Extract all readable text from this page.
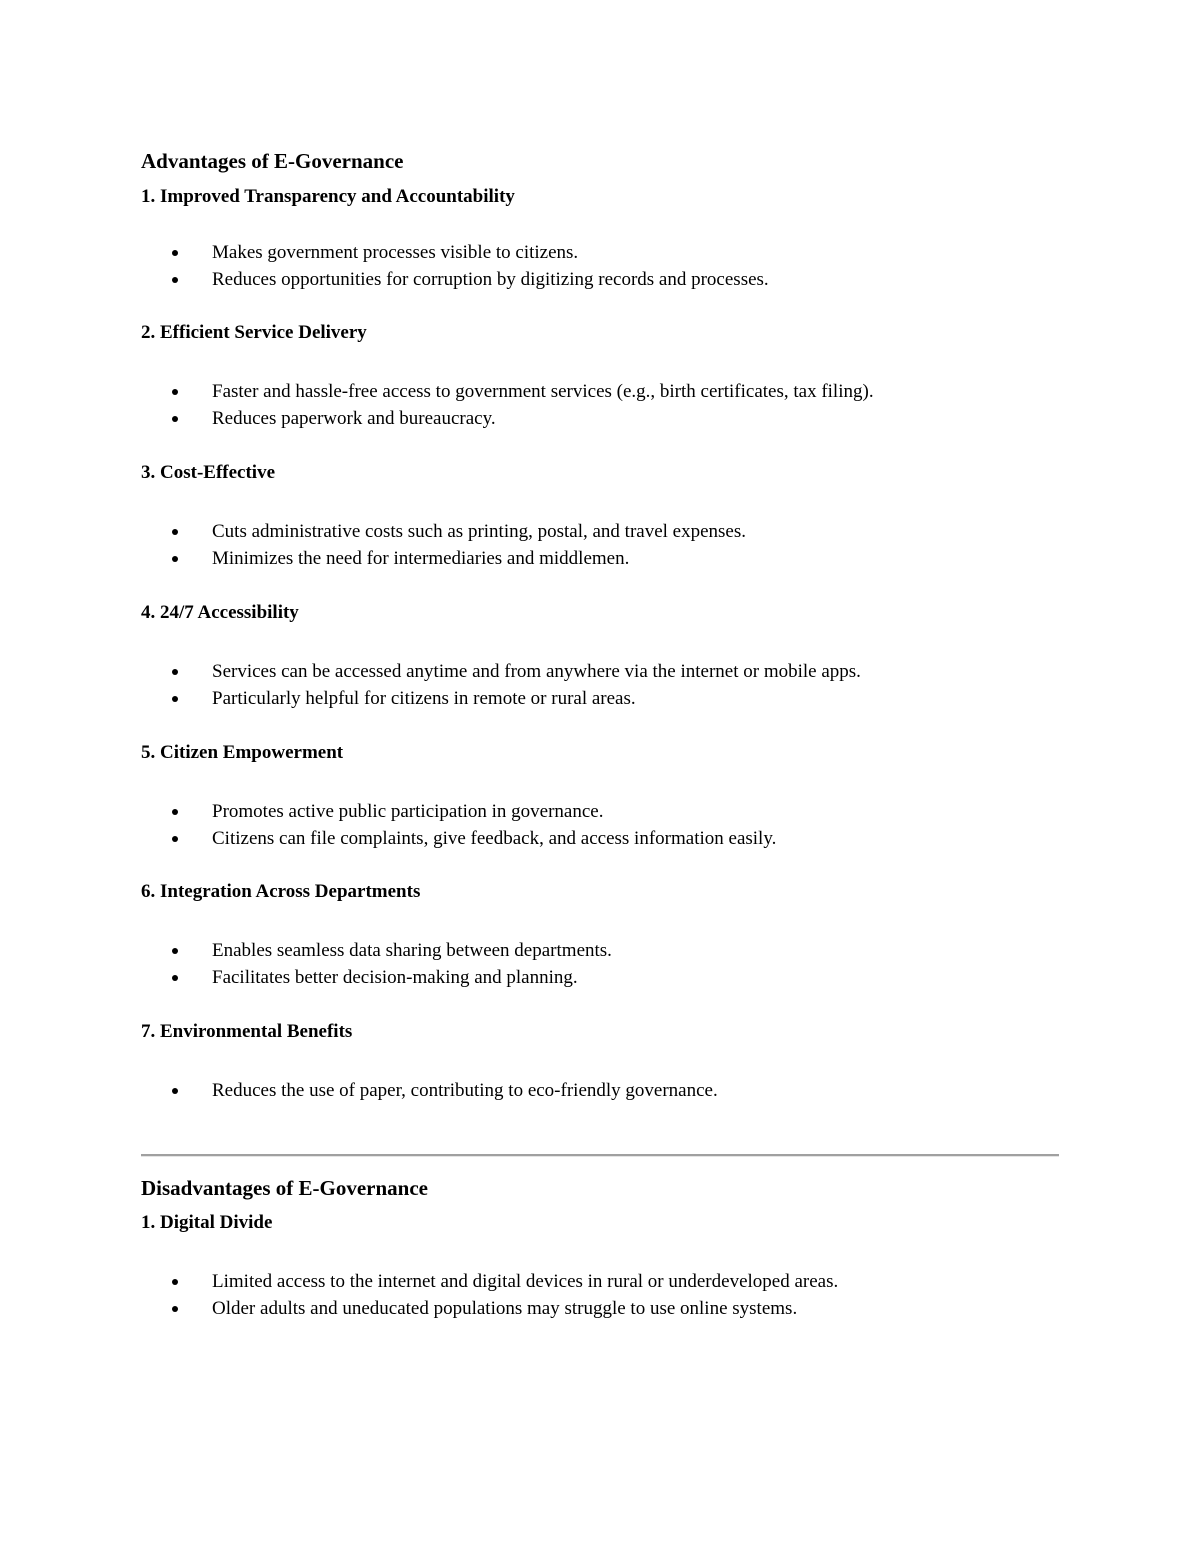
Advantages of E-Governance
1. Improved Transparency and Accountability
Makes government processes visible to citizens.
Reduces opportunities for corruption by digitizing records and processes.
2. Efficient Service Delivery
Faster and hassle-free access to government services (e.g., birth certificates, tax filing).
Reduces paperwork and bureaucracy.
3. Cost-Effective
Cuts administrative costs such as printing, postal, and travel expenses.
Minimizes the need for intermediaries and middlemen.
4. 24/7 Accessibility
Services can be accessed anytime and from anywhere via the internet or mobile apps.
Particularly helpful for citizens in remote or rural areas.
5. Citizen Empowerment
Promotes active public participation in governance.
Citizens can file complaints, give feedback, and access information easily.
6. Integration Across Departments
Enables seamless data sharing between departments.
Facilitates better decision-making and planning.
7. Environmental Benefits
Reduces the use of paper, contributing to eco-friendly governance.
Disadvantages of E-Governance
1. Digital Divide
Limited access to the internet and digital devices in rural or underdeveloped areas.
Older adults and uneducated populations may struggle to use online systems.
